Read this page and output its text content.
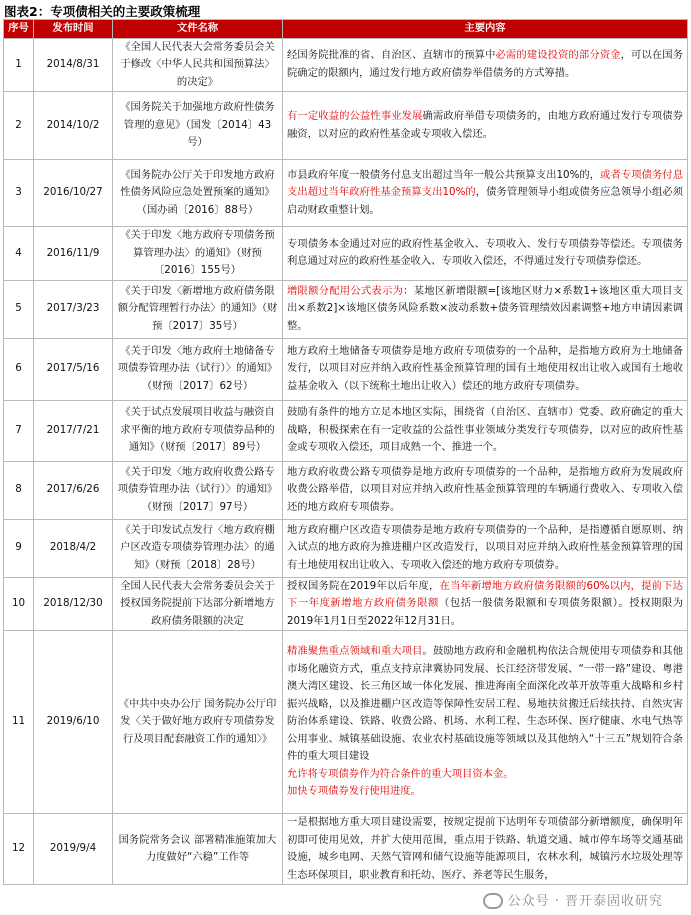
图表2：专项债相关的主要政策梳理
序号	发布时间	文件名称	主要内容
1	2014/8/31	《全国人民代表大会常务委员会关于修改〈中华人民共和国预算法〉的决定》	经国务院批准的省、自治区、直辖市的预算中必需的建设投资的部分资金，可以在国务院确定的限额内，通过发行地方政府债券举借债务的方式筹措。
2	2014/10/2	《国务院关于加强地方政府性债务管理的意见》（国发〔2014〕43号）	有一定收益的公益性事业发展确需政府举借专项债务的，由地方政府通过发行专项债券融资，以对应的政府性基金或专项收入偿还。
3	2016/10/27	《国务院办公厅关于印发地方政府性债务风险应急处置预案的通知》（国办函〔2016〕88号）	市县政府年度一般债务付息支出超过当年一般公共预算支出10%的，或者专项债务付息支出超过当年政府性基金预算支出10%的，债务管理领导小组或债务应急领导小组必须启动财政重整计划。
4	2016/11/9	《关于印发〈地方政府专项债务预算管理办法〉的通知》（财预〔2016〕155号）	专项债务本金通过对应的政府性基金收入、专项收入、发行专项债券等偿还。专项债务利息通过对应的政府性基金收入、专项收入偿还，不得通过发行专项债券偿还。
5	2017/3/23	《关于印发〈新增地方政府债务限额分配管理暂行办法〉的通知》（财预〔2017〕35号）	增限额分配用公式表示为：某地区新增限额=[该地区财力×系数1+该地区重大项目支出×系数2]×该地区债务风险系数×波动系数+债务管理绩效因素调整+地方申请因素调整。
6	2017/5/16	《关于印发〈地方政府土地储备专项债券管理办法（试行）〉的通知》（财预〔2017〕62号）	地方政府土地储备专项债券是地方政府专项债券的一个品种，是指地方政府为土地储备发行，以项目对应并纳入政府性基金预算管理的国有土地使用权出让收入或国有土地收益基金收入（以下统称土地出让收入）偿还的地方政府专项债券。
7	2017/7/21	《关于试点发展项目收益与融资自求平衡的地方政府专项债券品种的通知》（财预〔2017〕89号）	鼓励有条件的地方立足本地区实际，围绕省（自治区、直辖市）党委、政府确定的重大战略，积极探索在有一定收益的公益性事业领域分类发行专项债券，以对应的政府性基金或专项收入偿还，项目成熟一个、推进一个。
8	2017/6/26	《关于印发〈地方政府收费公路专项债券管理办法（试行）〉的通知》（财预〔2017〕97号）	地方政府收费公路专项债券是地方政府专项债券的一个品种，是指地方政府为发展政府收费公路举借，以项目对应并纳入政府性基金预算管理的车辆通行费收入、专项收入偿还的地方政府专项债券。
9	2018/4/2	《关于印发试点发行〈地方政府棚户区改造专项债券管理办法〉的通知》（财预〔2018〕28号）	地方政府棚户区改造专项债券是地方政府专项债券的一个品种，是指遵循自愿原则、纳入试点的地方政府为推进棚户区改造发行，以项目对应并纳入政府性基金预算管理的国有土地使用权出让收入、专项收入偿还的地方政府专项债券。
10	2018/12/30	全国人民代表大会常务委员会关于授权国务院提前下达部分新增地方政府债务限额的决定	授权国务院在2019年以后年度，在当年新增地方政府债务限额的60%以内，提前下达下一年度新增地方政府债务限额（包括一般债务限额和专项债务限额）。授权期限为2019年1月1日至2022年12月31日。
11	2019/6/10	《中共中央办公厅 国务院办公厅印发〈关于做好地方政府专项债券发行及项目配套融资工作的通知〉》	精准聚焦重点领域和重大项目。鼓励地方政府和金融机构依法合规使用专项债券和其他市场化融资方式，重点支持京津冀协同发展、长江经济带发展、“一带一路”建设、粤港澳大湾区建设、长三角区域一体化发展、推进海南全面深化改革开放等重大战略和乡村振兴战略，以及推进棚户区改造等保障性安居工程、易地扶贫搬迁后续扶持、自然灾害防治体系建设、铁路、收费公路、机场、水利工程、生态环保、医疗健康、水电气热等公用事业、城镇基础设施、农业农村基础设施等领域以及其他纳入“十三五”规划符合条件的重大项目建设
允许将专项债券作为符合条件的重大项目资本金。
加快专项债券发行使用进度。
12	2019/9/4	国务院常务会议 部署精准施策加大力度做好“六稳”工作等	一是根据地方重大项目建设需要，按规定提前下达明年专项债部分新增额度，确保明年初即可使用见效，并扩大使用范围，重点用于铁路、轨道交通、城市停车场等交通基础设施，城乡电网、天然气管网和储气设施等能源项目，农林水利，城镇污水垃圾处理等生态环保项目，职业教育和托幼、医疗、养老等民生服务，
公众号 · 晋开泰固收研究
